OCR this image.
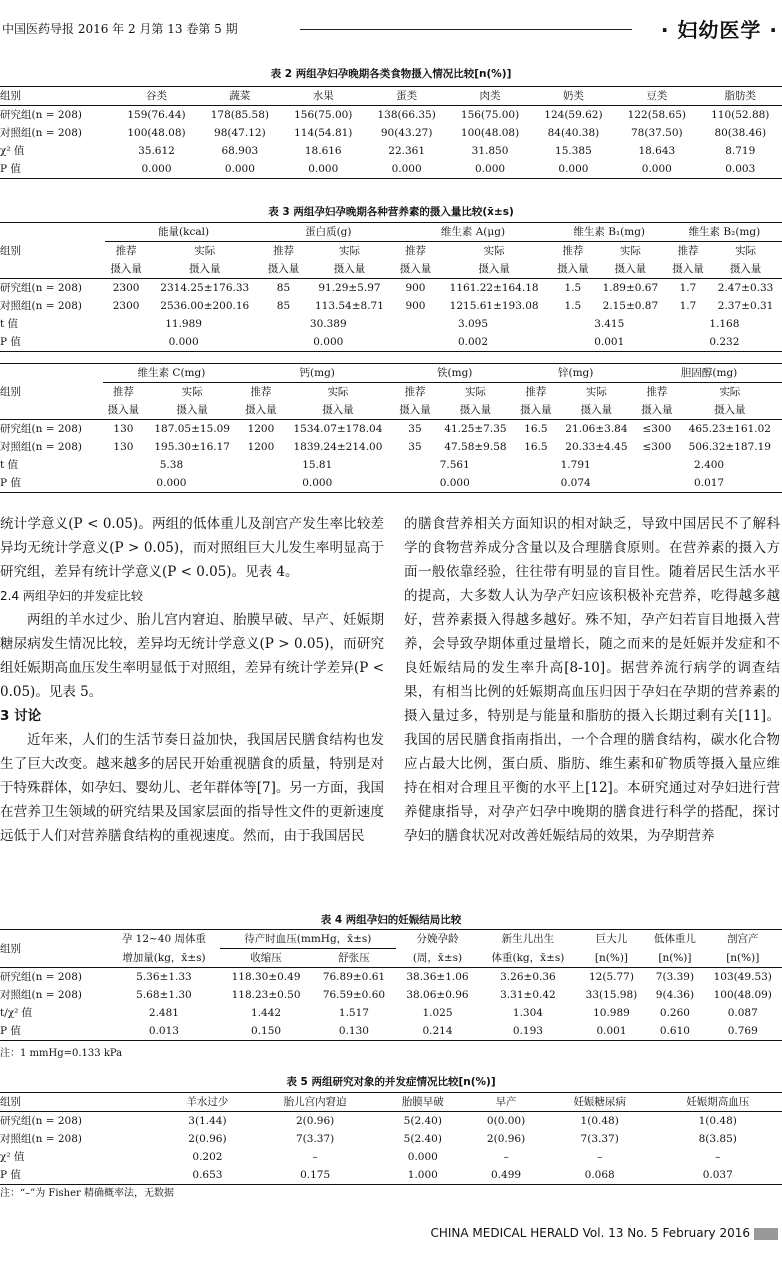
中国医药导报 2016 年 2 月第 13 卷第 5 期	· 妇幼医学 ·
表 2 两组孕妇孕晚期各类食物摄入情况比较[n(%)]
组别	谷类	蔬菜	水果	蛋类	肉类	奶类	豆类	脂肪类
研究组(n = 208)	159(76.44)	178(85.58)	156(75.00)	138(66.35)	156(75.00)	124(59.62)	122(58.65)	110(52.88)
对照组(n = 208)	100(48.08)	98(47.12)	114(54.81)	90(43.27)	100(48.08)	84(40.38)	78(37.50)	80(38.46)
χ² 值	35.612	68.903	18.616	22.361	31.850	15.385	18.643	8.719
P 值	0.000	0.000	0.000	0.000	0.000	0.000	0.000	0.003
表 3 两组孕妇孕晚期各种营养素的摄入量比较(x̄±s)
组别	能量(kcal)		蛋白质(g)		维生素 A(μg)		维生素 B₁(mg)		维生素 B₂(mg)	
	推荐	实际	推荐	实际	推荐	实际	推荐	实际	推荐	实际
	摄入量	摄入量	摄入量	摄入量	摄入量	摄入量	摄入量	摄入量	摄入量	摄入量
研究组(n = 208)	2300	2314.25±176.33	85	91.29±5.97	900	1161.22±164.18	1.5	1.89±0.67	1.7	2.47±0.33
对照组(n = 208)	2300	2536.00±200.16	85	113.54±8.71	900	1215.61±193.08	1.5	2.15±0.87	1.7	2.37±0.31
t 值	11.989		30.389		3.095		3.415		1.168	
P 值	0.000		0.000		0.002		0.001		0.232	
组别	维生素 C(mg)		钙(mg)		铁(mg)		锌(mg)		胆固醇(mg)	
	推荐	实际	推荐	实际	推荐	实际	推荐	实际	推荐	实际
	摄入量	摄入量	摄入量	摄入量	摄入量	摄入量	摄入量	摄入量	摄入量	摄入量
研究组(n = 208)	130	187.05±15.09	1200	1534.07±178.04	35	41.25±7.35	16.5	21.06±3.84	≤300	465.23±161.02
对照组(n = 208)	130	195.30±16.17	1200	1839.24±214.00	35	47.58±9.58	16.5	20.33±4.45	≤300	506.32±187.19
t 值	5.38		15.81		7.561		1.791		2.400	
P 值	0.000		0.000		0.000		0.074		0.017	

统计学意义(P < 0.05)。两组的低体重儿及剖宫产发生率比较差异均无统计学意义(P > 0.05)，而对照组巨大儿发生率明显高于研究组，差异有统计学意义(P < 0.05)。见表 4。

2.4 两组孕妇的并发症比较

两组的羊水过少、胎儿宫内窘迫、胎膜早破、早产、妊娠期糖尿病发生情况比较，差异均无统计学意义(P > 0.05)，而研究组妊娠期高血压发生率明显低于对照组，差异有统计学差异(P < 0.05)。见表 5。

3 讨论

近年来，人们的生活节奏日益加快，我国居民膳食结构也发生了巨大改变。越来越多的居民开始重视膳食的质量，特别是对于特殊群体，如孕妇、婴幼儿、老年群体等[7]。另一方面，我国在营养卫生领域的研究结果及国家层面的指导性文件的更新速度远低于人们对营养膳食结构的重视速度。然而，由于我国居民

的膳食营养相关方面知识的相对缺乏，导致中国居民不了解科学的食物营养成分含量以及合理膳食原则。在营养素的摄入方面一般依靠经验，往往带有明显的盲目性。随着居民生活水平的提高，大多数人认为孕产妇应该积极补充营养，吃得越多越好，营养素摄入得越多越好。殊不知，孕产妇若盲目地摄入营养，会导致孕期体重过量增长，随之而来的是妊娠并发症和不良妊娠结局的发生率升高[8-10]。据营养流行病学的调查结果，有相当比例的妊娠期高血压归因于孕妇在孕期的营养素的摄入量过多，特别是与能量和脂肪的摄入长期过剩有关[11]。我国的居民膳食指南指出，一个合理的膳食结构，碳水化合物应占最大比例，蛋白质、脂肪、维生素和矿物质等摄入量应维持在相对合理且平衡的水平上[12]。本研究通过对孕妇进行营养健康指导，对孕产妇孕中晚期的膳食进行科学的搭配，探讨孕妇的膳食状况对改善妊娠结局的效果，为孕期营养

表 4 两组孕妇的妊娠结局比较
组别	孕 12~40 周体重	待产时血压(mmHg，x̄±s)		分娩孕龄	新生儿出生	巨大儿	低体重儿	剖宫产
	增加量(kg，x̄±s)	收缩压	舒张压	(周，x̄±s)	体重(kg，x̄±s)	[n(%)]	[n(%)]	[n(%)]
研究组(n = 208)	5.36±1.33	118.30±0.49	76.89±0.61	38.36±1.06	3.26±0.36	12(5.77)	7(3.39)	103(49.53)
对照组(n = 208)	5.68±1.30	118.23±0.50	76.59±0.60	38.06±0.96	3.31±0.42	33(15.98)	9(4.36)	100(48.09)
t/χ² 值	2.481	1.442	1.517	1.025	1.304	10.989	0.260	0.087
P 值	0.013	0.150	0.130	0.214	0.193	0.001	0.610	0.769
注：1 mmHg=0.133 kPa
表 5 两组研究对象的并发症情况比较[n(%)]
组别	羊水过少	胎儿宫内窘迫	胎膜早破	早产	妊娠糖尿病	妊娠期高血压
研究组(n = 208)	3(1.44)	2(0.96)	5(2.40)	0(0.00)	1(0.48)	1(0.48)
对照组(n = 208)	2(0.96)	7(3.37)	5(2.40)	2(0.96)	7(3.37)	8(3.85)
χ² 值	0.202	–	0.000	–	–	–
P 值	0.653	0.175	1.000	0.499	0.068	0.037
注：“–”为 Fisher 精确概率法，无数据
CHINA MEDICAL HERALD Vol. 13 No. 5 February 2016
